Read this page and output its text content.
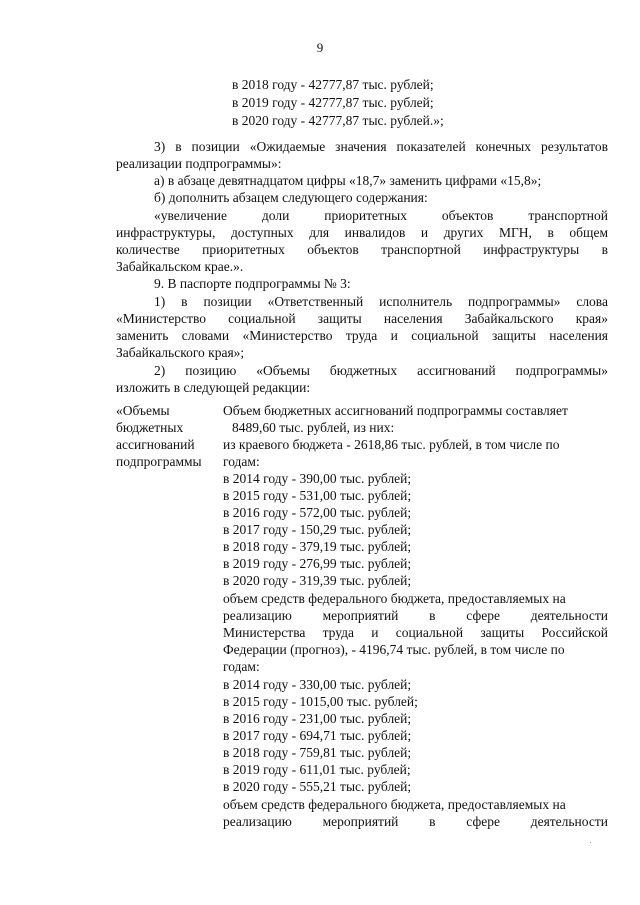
9
в 2018 году - 42777,87 тыс. рублей;
в 2019 году - 42777,87 тыс. рублей;
в 2020 году - 42777,87 тыс. рублей.»;
3) в позиции «Ожидаемые значения показателей конечных результатов
реализации подпрограммы»:
а) в абзаце девятнадцатом цифры «18,7» заменить цифрами «15,8»;
б) дополнить абзацем следующего содержания:
«увеличение доли приоритетных объектов транспортной
инфраструктуры, доступных для инвалидов и других МГН, в общем
количестве приоритетных объектов транспортной инфраструктуры в
Забайкальском крае.».
9. В паспорте подпрограммы № 3:
1) в позиции «Ответственный исполнитель подпрограммы» слова
«Министерство социальной защиты населения Забайкальского края»
заменить словами «Министерство труда и социальной защиты населения
Забайкальского края»;
2) позицию «Объемы бюджетных ассигнований подпрограммы»
изложить в следующей редакции:
«Объемы
бюджетных
ассигнований
подпрограммы
Объем бюджетных ассигнований подпрограммы составляет
8489,60 тыс. рублей, из них:
из краевого бюджета - 2618,86 тыс. рублей, в том числе по
годам:
в 2014 году - 390,00 тыс. рублей;
в 2015 году - 531,00 тыс. рублей;
в 2016 году - 572,00 тыс. рублей;
в 2017 году - 150,29 тыс. рублей;
в 2018 году - 379,19 тыс. рублей;
в 2019 году - 276,99 тыс. рублей;
в 2020 году - 319,39 тыс. рублей;
объем средств федерального бюджета, предоставляемых на
реализацию мероприятий в сфере деятельности
Министерства труда и социальной защиты Российской
Федерации (прогноз), - 4196,74 тыс. рублей, в том числе по
годам:
в 2014 году - 330,00 тыс. рублей;
в 2015 году - 1015,00 тыс. рублей;
в 2016 году - 231,00 тыс. рублей;
в 2017 году - 694,71 тыс. рублей;
в 2018 году - 759,81 тыс. рублей;
в 2019 году - 611,01 тыс. рублей;
в 2020 году - 555,21 тыс. рублей;
объем средств федерального бюджета, предоставляемых на
реализацию мероприятий в сфере деятельности
